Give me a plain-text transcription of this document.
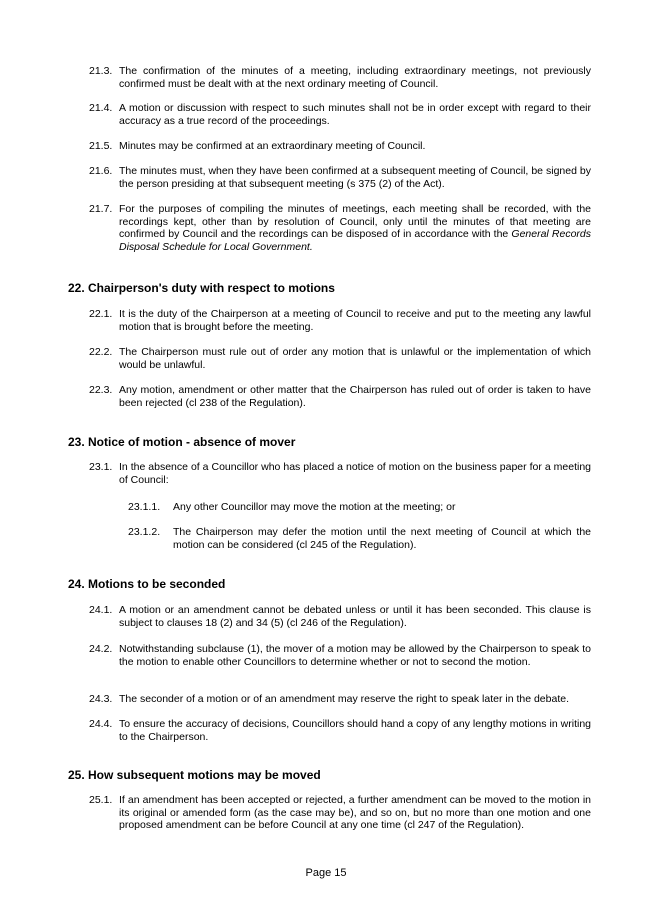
21.3. The confirmation of the minutes of a meeting, including extraordinary meetings, not previously confirmed must be dealt with at the next ordinary meeting of Council.
21.4. A motion or discussion with respect to such minutes shall not be in order except with regard to their accuracy as a true record of the proceedings.
21.5. Minutes may be confirmed at an extraordinary meeting of Council.
21.6. The minutes must, when they have been confirmed at a subsequent meeting of Council, be signed by the person presiding at that subsequent meeting (s 375 (2) of the Act).
21.7. For the purposes of compiling the minutes of meetings, each meeting shall be recorded, with the recordings kept, other than by resolution of Council, only until the minutes of that meeting are confirmed by Council and the recordings can be disposed of in accordance with the General Records Disposal Schedule for Local Government.
22. Chairperson's duty with respect to motions
22.1. It is the duty of the Chairperson at a meeting of Council to receive and put to the meeting any lawful motion that is brought before the meeting.
22.2. The Chairperson must rule out of order any motion that is unlawful or the implementation of which would be unlawful.
22.3. Any motion, amendment or other matter that the Chairperson has ruled out of order is taken to have been rejected (cl 238 of the Regulation).
23. Notice of motion - absence of mover
23.1. In the absence of a Councillor who has placed a notice of motion on the business paper for a meeting of Council:
23.1.1. Any other Councillor may move the motion at the meeting; or
23.1.2. The Chairperson may defer the motion until the next meeting of Council at which the motion can be considered (cl 245 of the Regulation).
24. Motions to be seconded
24.1. A motion or an amendment cannot be debated unless or until it has been seconded. This clause is subject to clauses 18 (2) and 34 (5) (cl 246 of the Regulation).
24.2. Notwithstanding subclause (1), the mover of a motion may be allowed by the Chairperson to speak to the motion to enable other Councillors to determine whether or not to second the motion.
24.3. The seconder of a motion or of an amendment may reserve the right to speak later in the debate.
24.4. To ensure the accuracy of decisions, Councillors should hand a copy of any lengthy motions in writing to the Chairperson.
25. How subsequent motions may be moved
25.1. If an amendment has been accepted or rejected, a further amendment can be moved to the motion in its original or amended form (as the case may be), and so on, but no more than one motion and one proposed amendment can be before Council at any one time (cl 247 of the Regulation).
Page 15
